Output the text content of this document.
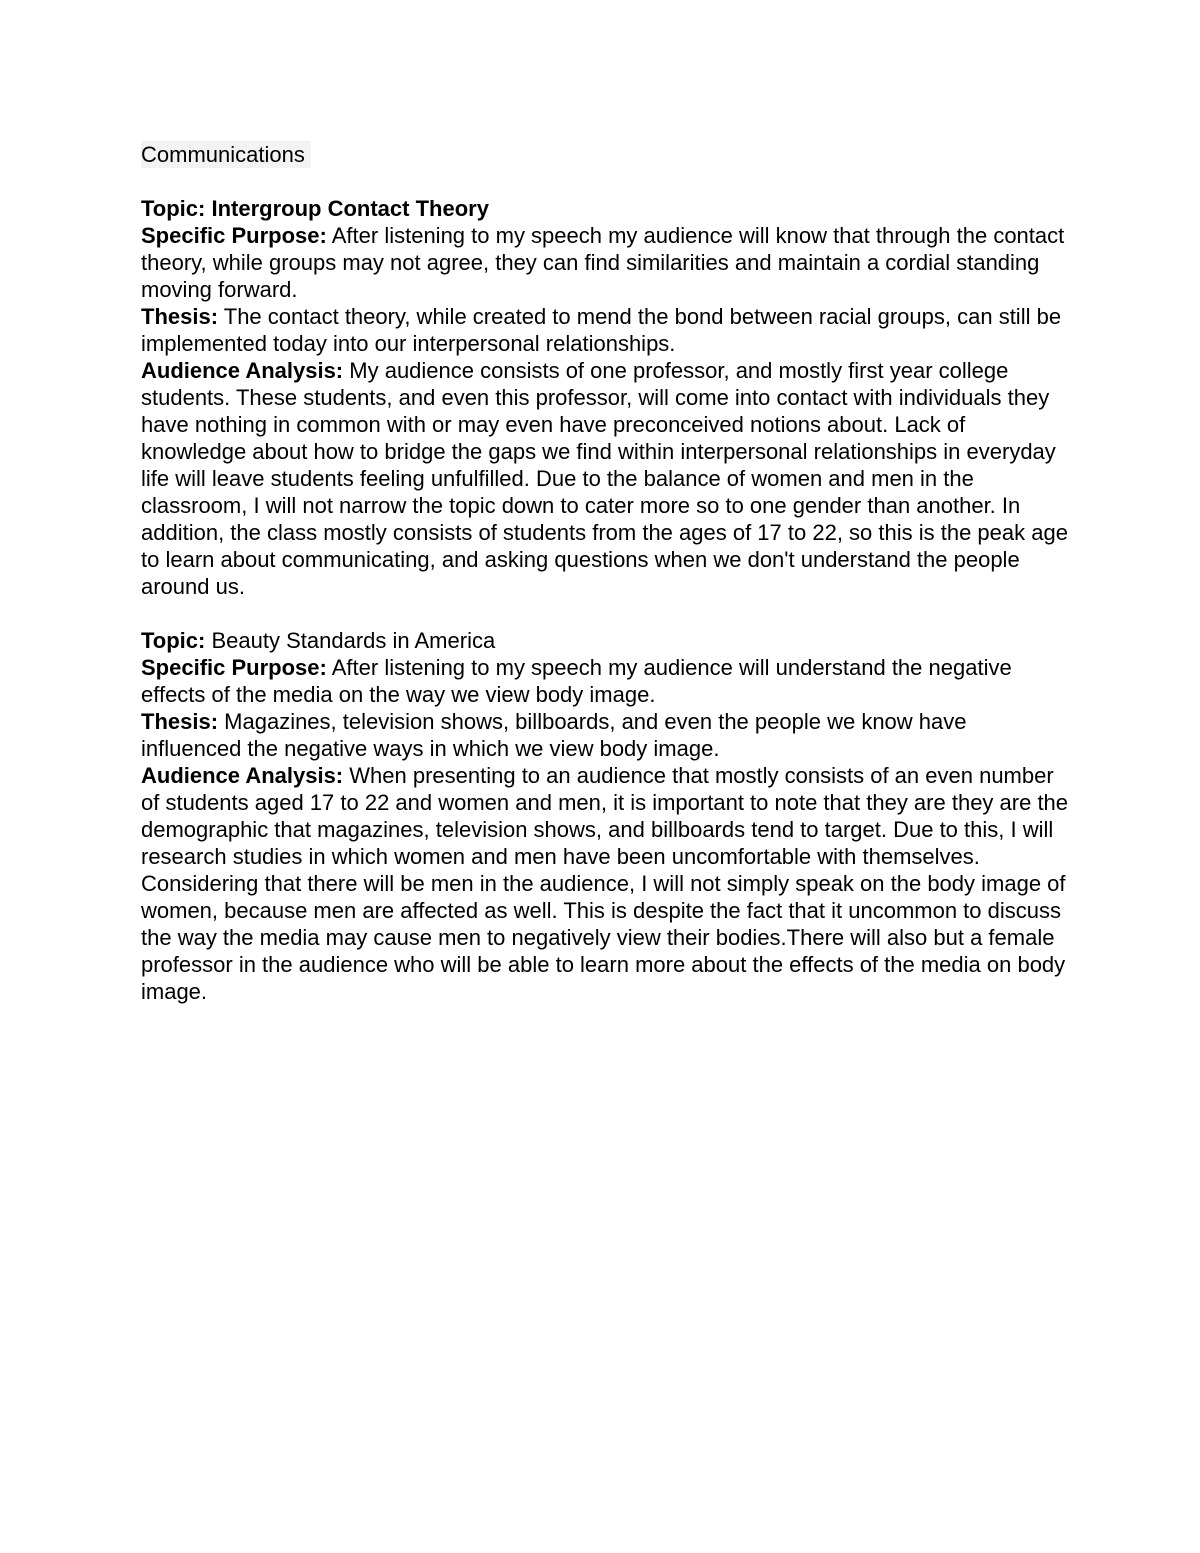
Communications

Topic: Intergroup Contact Theory

Specific Purpose: After listening to my speech my audience will know that through the contact theory, while groups may not agree, they can find similarities and maintain a cordial standing moving forward.

Thesis: The contact theory, while created to mend the bond between racial groups, can still be implemented today into our interpersonal relationships.

Audience Analysis: My audience consists of one professor, and mostly first year college students. These students, and even this professor, will come into contact with individuals they have nothing in common with or may even have preconceived notions about. Lack of knowledge about how to bridge the gaps we find within interpersonal relationships in everyday life will leave students feeling unfulfilled. Due to the balance of women and men in the classroom, I will not narrow the topic down to cater more so to one gender than another. In addition, the class mostly consists of students from the ages of 17 to 22, so this is the peak age to learn about communicating, and asking questions when we don't understand the people around us.

Topic: Beauty Standards in America

Specific Purpose: After listening to my speech my audience will understand the negative effects of the media on the way we view body image.

Thesis: Magazines, television shows, billboards, and even the people we know have influenced the negative ways in which we view body image.

Audience Analysis: When presenting to an audience that mostly consists of an even number of students aged 17 to 22 and women and men, it is important to note that they are they are the demographic that magazines, television shows, and billboards tend to target. Due to this, I will research studies in which women and men have been uncomfortable with themselves. Considering that there will be men in the audience, I will not simply speak on the body image of women, because men are affected as well. This is despite the fact that it uncommon to discuss the way the media may cause men to negatively view their bodies.There will also but a female professor in the audience who will be able to learn more about the effects of the media on body image.
